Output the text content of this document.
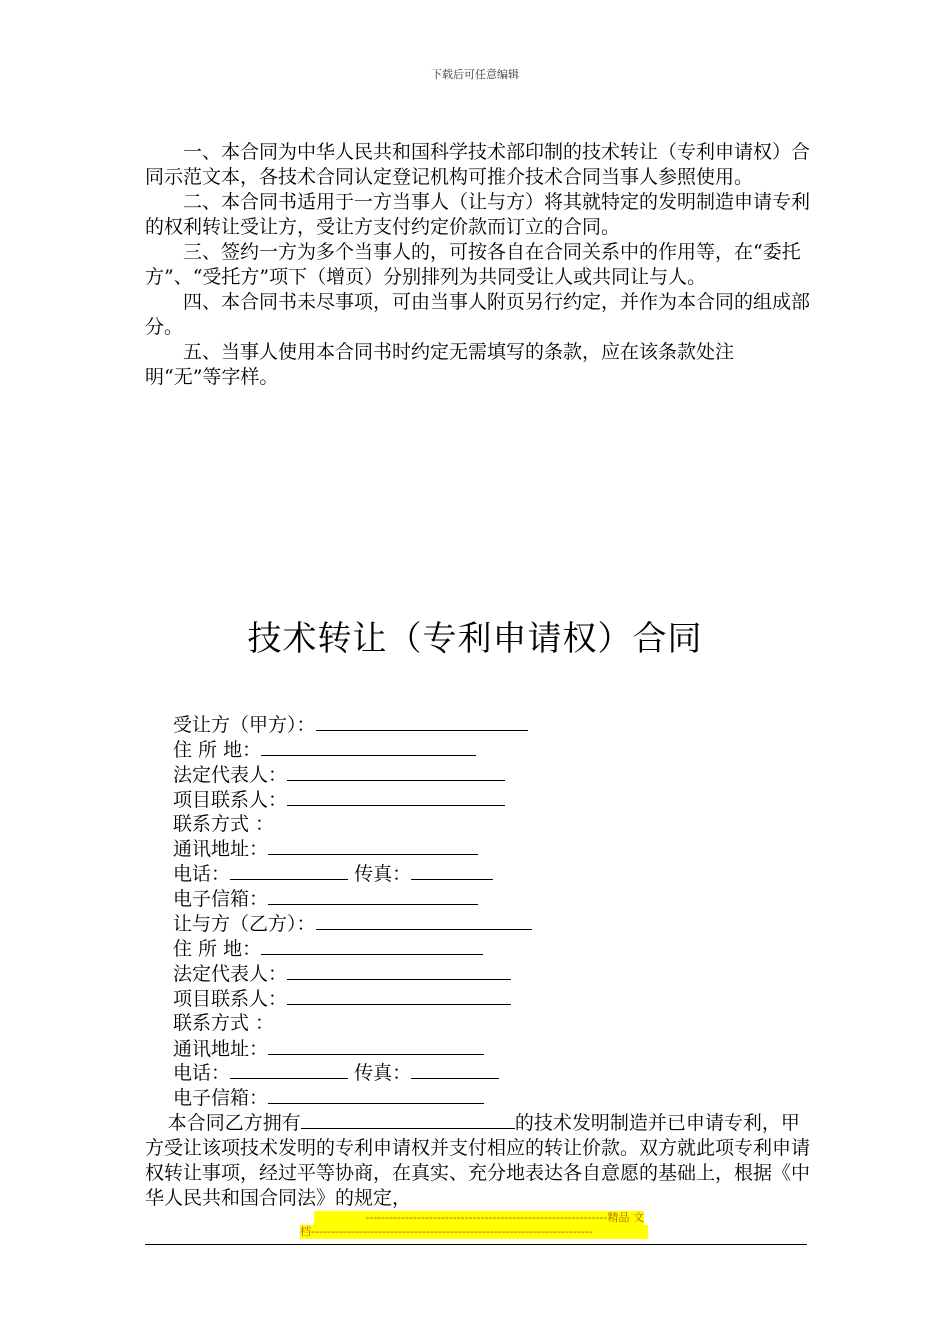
下载后可任意编辑

一、本合同为中华人民共和国科学技术部印制的技术转让（专利申请权）合同示范文本，各技术合同认定登记机构可推介技术合同当事人参照使用。

二、本合同书适用于一方当事人（让与方）将其就特定的发明制造申请专利的权利转让受让方，受让方支付约定价款而订立的合同。

三、签约一方为多个当事人的，可按各自在合同关系中的作用等，在“委托方”、“受托方”项下（增页）分别排列为共同受让人或共同让与人。

四、本合同书未尽事项，可由当事人附页另行约定，并作为本合同的组成部分。

五、当事人使用本合同书时约定无需填写的条款，应在该条款处注明“无”等字样。

技术转让（专利申请权）合同
受让方（甲方）：
住 所 地：
法定代表人：
项目联系人：
联系方式 ：
通讯地址：
电话：	传真：
电子信箱：
让与方（乙方）：
住 所 地：
法定代表人：
项目联系人：
联系方式 ：
通讯地址：
电话：	传真：
电子信箱：

本合同乙方拥有	的技术发明制造并已申请专利，甲方受让该项技术发明的专利申请权并支付相应的转让价款。双方就此项专利申请权转让事项，经过平等协商，在真实、充分地表达各自意愿的基础上，根据《中华人民共和国合同法》的规定，

-------------------------------------------------------------精品 文
档-----------------------------------------------------------------------
